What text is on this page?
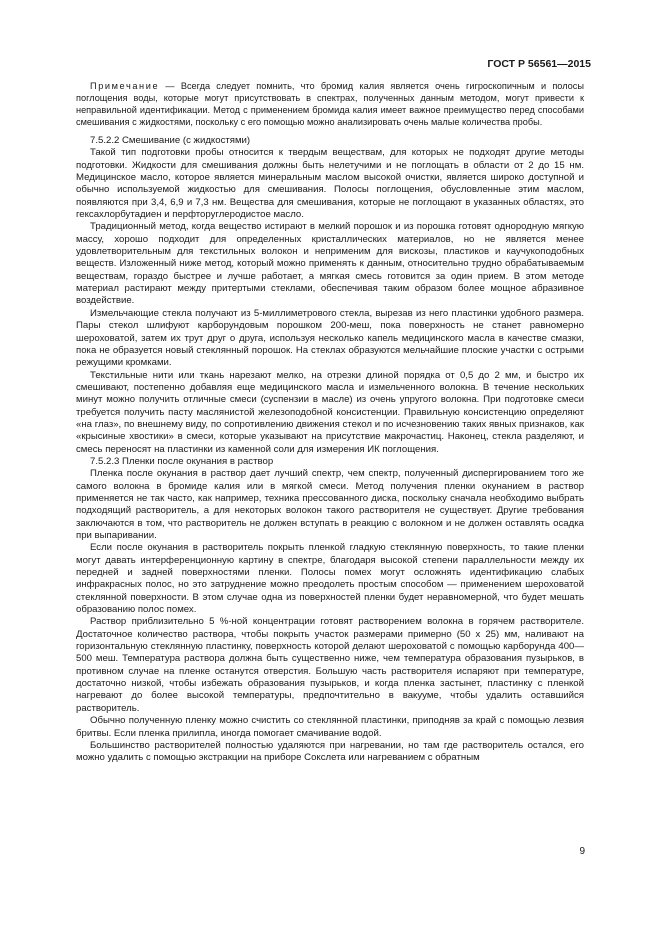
ГОСТ Р 56561—2015

Примечание — Всегда следует помнить, что бромид калия является очень гигроскопичным и полосы поглощения воды, которые могут присутствовать в спектрах, полученных данным методом, могут привести к неправильной идентификации. Метод с применением бромида калия имеет важное преимущество перед способами смешивания с жидкостями, поскольку с его помощью можно анализировать очень малые количества пробы.

7.5.2.2 Смешивание (с жидкостями)

Такой тип подготовки пробы относится к твердым веществам, для которых не подходят другие методы подготовки. Жидкости для смешивания должны быть нелетучими и не поглощать в области от 2 до 15 нм. Медицинское масло, которое является минеральным маслом высокой очистки, является широко доступной и обычно используемой жидкостью для смешивания. Полосы поглощения, обусловленные этим маслом, появляются при 3,4, 6,9 и 7,3 нм. Вещества для смешивания, которые не поглощают в указанных областях, это гексахлорбутадиен и перфторуглеродистое масло.

Традиционный метод, когда вещество истирают в мелкий порошок и из порошка готовят однородную мягкую массу, хорошо подходит для определенных кристаллических материалов, но не является менее удовлетворительным для текстильных волокон и неприменим для вискозы, пластиков и каучукоподобных веществ. Изложенный ниже метод, который можно применять к данным, относительно трудно обрабатываемым веществам, гораздо быстрее и лучше работает, а мягкая смесь готовится за один прием. В этом методе материал растирают между притертыми стеклами, обеспечивая таким образом более мощное абразивное воздействие.

Измельчающие стекла получают из 5-миллиметрового стекла, вырезав из него пластинки удобного размера. Пары стекол шлифуют карборундовым порошком 200-меш, пока поверхность не станет равномерно шероховатой, затем их трут друг о друга, используя несколько капель медицинского масла в качестве смазки, пока не образуется новый стеклянный порошок. На стеклах образуются мельчайшие плоские участки с острыми режущими кромками.

Текстильные нити или ткань нарезают мелко, на отрезки длиной порядка от 0,5 до 2 мм, и быстро их смешивают, постепенно добавляя еще медицинского масла и измельченного волокна. В течение нескольких минут можно получить отличные смеси (суспензии в масле) из очень упругого волокна. При подготовке смеси требуется получить пасту маслянистой железоподобной консистенции. Правильную консистенцию определяют «на глаз», по внешнему виду, по сопротивлению движения стекол и по исчезновению таких явных признаков, как «крысиные хвостики» в смеси, которые указывают на присутствие макрочастиц. Наконец, стекла разделяют, и смесь переносят на пластинки из каменной соли для измерения ИК поглощения.

7.5.2.3 Пленки после окунания в раствор

Пленка после окунания в раствор дает лучший спектр, чем спектр, полученный диспергированием того же самого волокна в бромиде калия или в мягкой смеси. Метод получения пленки окунанием в раствор применяется не так часто, как например, техника прессованного диска, поскольку сначала необходимо выбрать подходящий растворитель, а для некоторых волокон такого растворителя не существует. Другие требования заключаются в том, что растворитель не должен вступать в реакцию с волокном и не должен оставлять осадка при выпаривании.

Если после окунания в растворитель покрыть пленкой гладкую стеклянную поверхность, то такие пленки могут давать интерференционную картину в спектре, благодаря высокой степени параллельности между их передней и задней поверхностями пленки. Полосы помех могут осложнять идентификацию слабых инфракрасных полос, но это затруднение можно преодолеть простым способом — применением шероховатой стеклянной поверхности. В этом случае одна из поверхностей пленки будет неравномерной, что будет мешать образованию полос помех.

Раствор приблизительно 5 %-ной концентрации готовят растворением волокна в горячем растворителе. Достаточное количество раствора, чтобы покрыть участок размерами примерно (50 x 25) мм, наливают на горизонтальную стеклянную пластинку, поверхность которой делают шероховатой с помощью карборунда 400—500 меш. Температура раствора должна быть существенно ниже, чем температура образования пузырьков, в противном случае на пленке останутся отверстия. Большую часть растворителя испаряют при температуре, достаточно низкой, чтобы избежать образования пузырьков, и когда пленка застынет, пластинку с пленкой нагревают до более высокой температуры, предпочтительно в вакууме, чтобы удалить оставшийся растворитель.

Обычно полученную пленку можно счистить со стеклянной пластинки, приподняв за край с помощью лезвия бритвы. Если пленка прилипла, иногда помогает смачивание водой.

Большинство растворителей полностью удаляются при нагревании, но там где растворитель остался, его можно удалить с помощью экстракции на приборе Сокслета или нагреванием с обратным

9
